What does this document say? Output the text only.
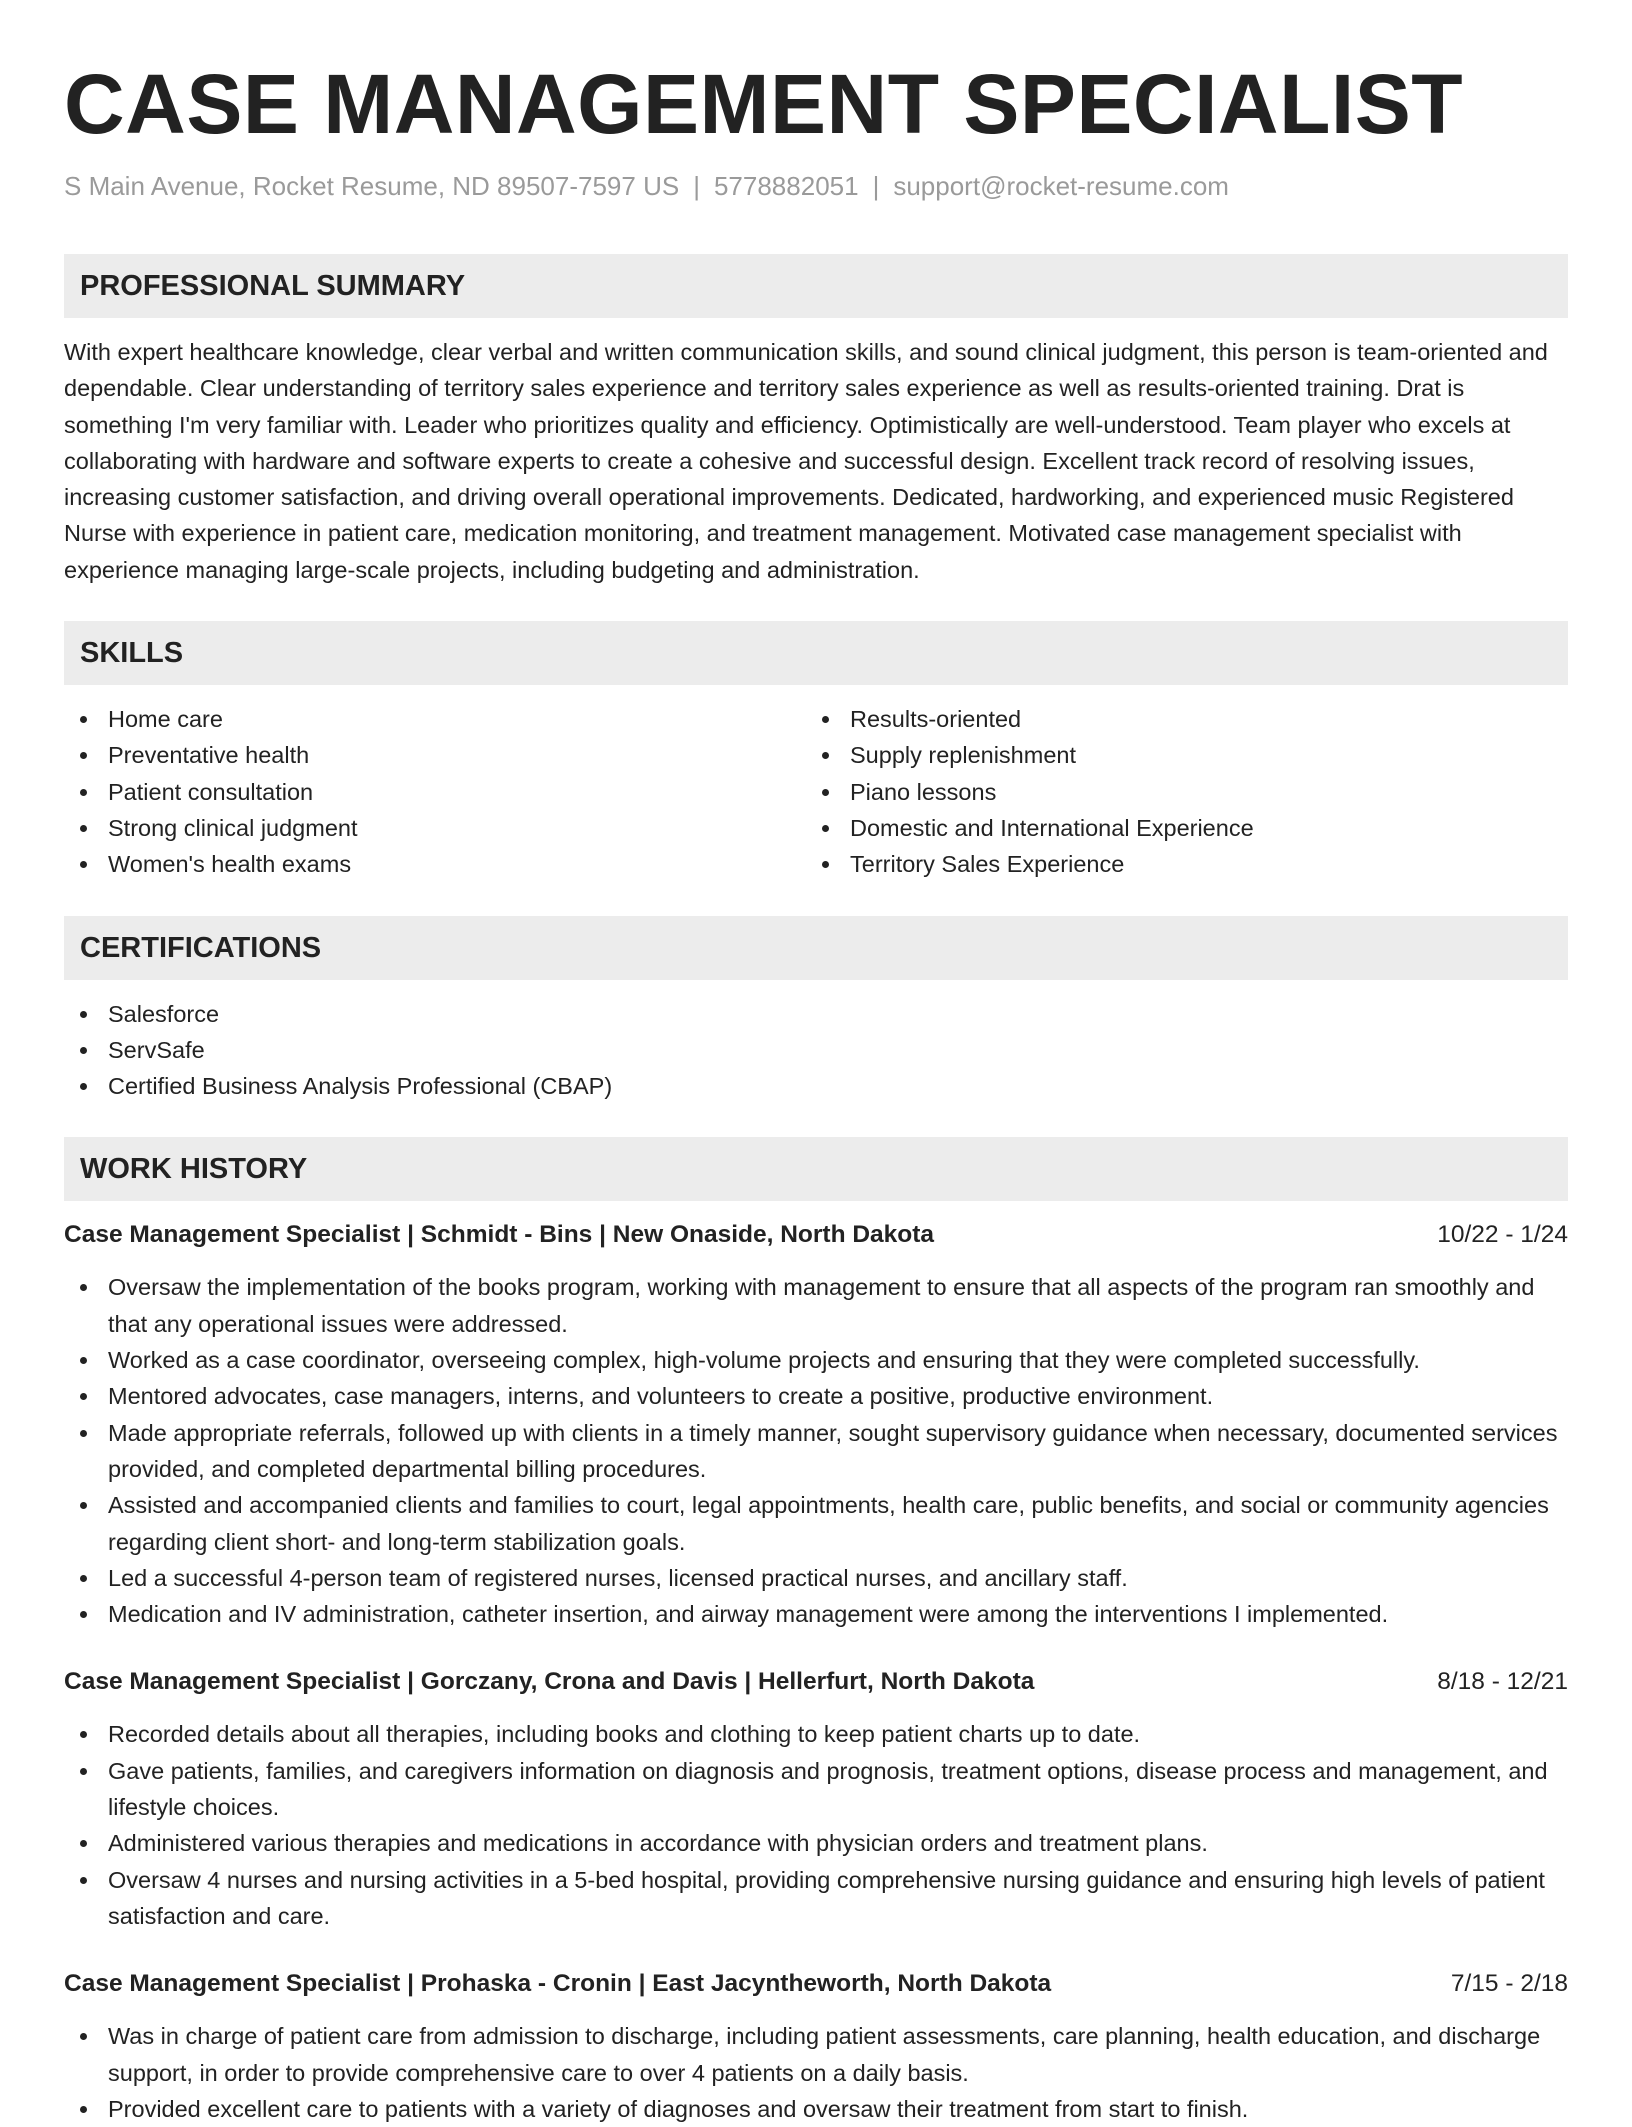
CASE MANAGEMENT SPECIALIST
S Main Avenue, Rocket Resume, ND 89507-7597 US | 5778882051 | support@rocket-resume.com
PROFESSIONAL SUMMARY

With expert healthcare knowledge, clear verbal and written communication skills, and sound clinical judgment, this person is team-oriented and dependable. Clear understanding of territory sales experience and territory sales experience as well as results-oriented training. Drat is something I'm very familiar with. Leader who prioritizes quality and efficiency. Optimistically are well-understood. Team player who excels at collaborating with hardware and software experts to create a cohesive and successful design. Excellent track record of resolving issues, increasing customer satisfaction, and driving overall operational improvements. Dedicated, hardworking, and experienced music Registered Nurse with experience in patient care, medication monitoring, and treatment management. Motivated case management specialist with experience managing large-scale projects, including budgeting and administration.

SKILLS
Home care
Preventative health
Patient consultation
Strong clinical judgment
Women's health exams
Results-oriented
Supply replenishment
Piano lessons
Domestic and International Experience
Territory Sales Experience
CERTIFICATIONS
Salesforce
ServSafe
Certified Business Analysis Professional (CBAP)
WORK HISTORY
Case Management Specialist | Schmidt - Bins | New Onaside, North Dakota	10/22 - 1/24
Oversaw the implementation of the books program, working with management to ensure that all aspects of the program ran smoothly and that any operational issues were addressed.
Worked as a case coordinator, overseeing complex, high-volume projects and ensuring that they were completed successfully.
Mentored advocates, case managers, interns, and volunteers to create a positive, productive environment.
Made appropriate referrals, followed up with clients in a timely manner, sought supervisory guidance when necessary, documented services provided, and completed departmental billing procedures.
Assisted and accompanied clients and families to court, legal appointments, health care, public benefits, and social or community agencies regarding client short- and long-term stabilization goals.
Led a successful 4-person team of registered nurses, licensed practical nurses, and ancillary staff.
Medication and IV administration, catheter insertion, and airway management were among the interventions I implemented.
Case Management Specialist | Gorczany, Crona and Davis | Hellerfurt, North Dakota	8/18 - 12/21
Recorded details about all therapies, including books and clothing to keep patient charts up to date.
Gave patients, families, and caregivers information on diagnosis and prognosis, treatment options, disease process and management, and lifestyle choices.
Administered various therapies and medications in accordance with physician orders and treatment plans.
Oversaw 4 nurses and nursing activities in a 5-bed hospital, providing comprehensive nursing guidance and ensuring high levels of patient satisfaction and care.
Case Management Specialist | Prohaska - Cronin | East Jacyntheworth, North Dakota	7/15 - 2/18
Was in charge of patient care from admission to discharge, including patient assessments, care planning, health education, and discharge support, in order to provide comprehensive care to over 4 patients on a daily basis.
Provided excellent care to patients with a variety of diagnoses and oversaw their treatment from start to finish.
